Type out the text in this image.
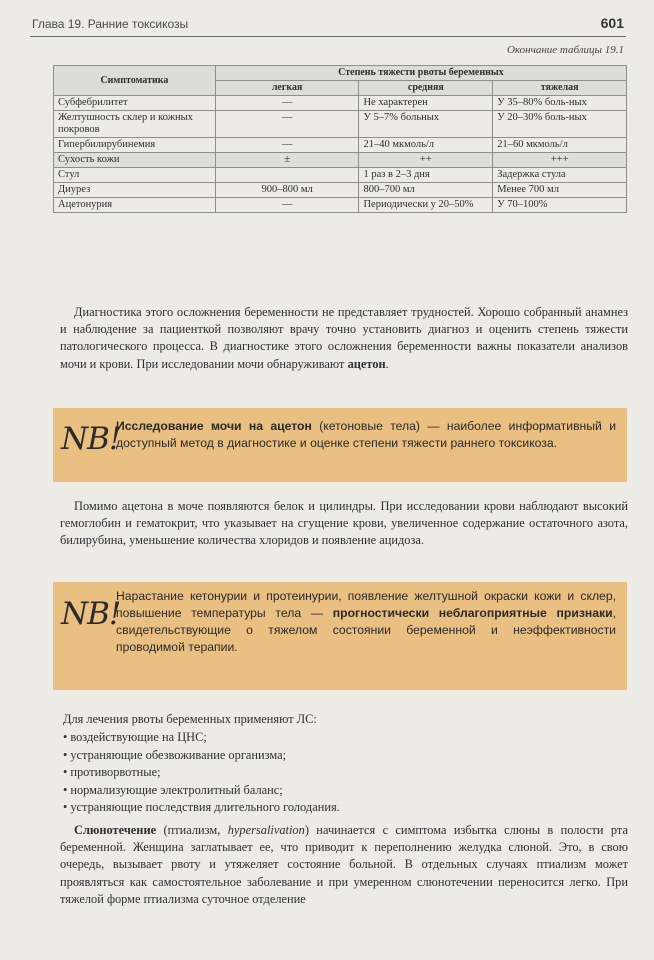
Глава 19. Ранние токсикозы	601
Окончание таблицы 19.1
Симптоматика	Степень тяжести рвоты беременных		
	легкая	средняя	тяжелая
Субфебрилитет	—	Не характерен	У 35–80% боль-ных
Желтушность склер и кожных покровов	—	У 5–7% больных	У 20–30% боль-ных
Гипербилирубинемия	—	21–40 мкмоль/л	21–60 мкмоль/л
Сухость кожи	±	++	+++
Стул		1 раз в 2–3 дня	Задержка стула
Диурез	900–800 мл	800–700 мл	Менее 700 мл
Ацетонурия	—	Периодически у 20–50%	У 70–100%

Диагностика этого осложнения беременности не представляет трудностей. Хорошо собранный анамнез и наблюдение за пациенткой позволяют врачу точно установить диагноз и оценить степень тяжести патологического процесса. В диагностике этого осложнения беременности важны показатели анализов мочи и крови. При исследовании мочи обнаруживают ацетон.

NB!

Исследование мочи на ацетон (кетоновые тела) — наиболее информативный и доступный метод в диагностике и оценке степени тяжести раннего токсикоза.

Помимо ацетона в моче появляются белок и цилиндры. При исследовании крови наблюдают высокий гемоглобин и гематокрит, что указывает на сгущение крови, увеличенное содержание остаточного азота, билирубина, уменьшение количества хлоридов и появление ацидоза.

NB!

Нарастание кетонурии и протеинурии, появление желтушной окраски кожи и склер, повышение температуры тела — прогностически неблагоприятные признаки, свидетельствующие о тяжелом состоянии беременной и неэффективности проводимой терапии.

Для лечения рвоты беременных применяют ЛС:

• воздействующие на ЦНС;
• устраняющие обезвоживание организма;
• противорвотные;
• нормализующие электролитный баланс;
• устраняющие последствия длительного голодания.

Слюнотечение (птиализм, hypersalivation) начинается с симптома избытка слюны в полости рта беременной. Женщина заглатывает ее, что приводит к переполнению желудка слюной. Это, в свою очередь, вызывает рвоту и утяжеляет состояние больной. В отдельных случаях птиализм может проявляться как самостоятельное заболевание и при умеренном слюнотечении переносится легко. При тяжелой форме птиализма суточное отделение
